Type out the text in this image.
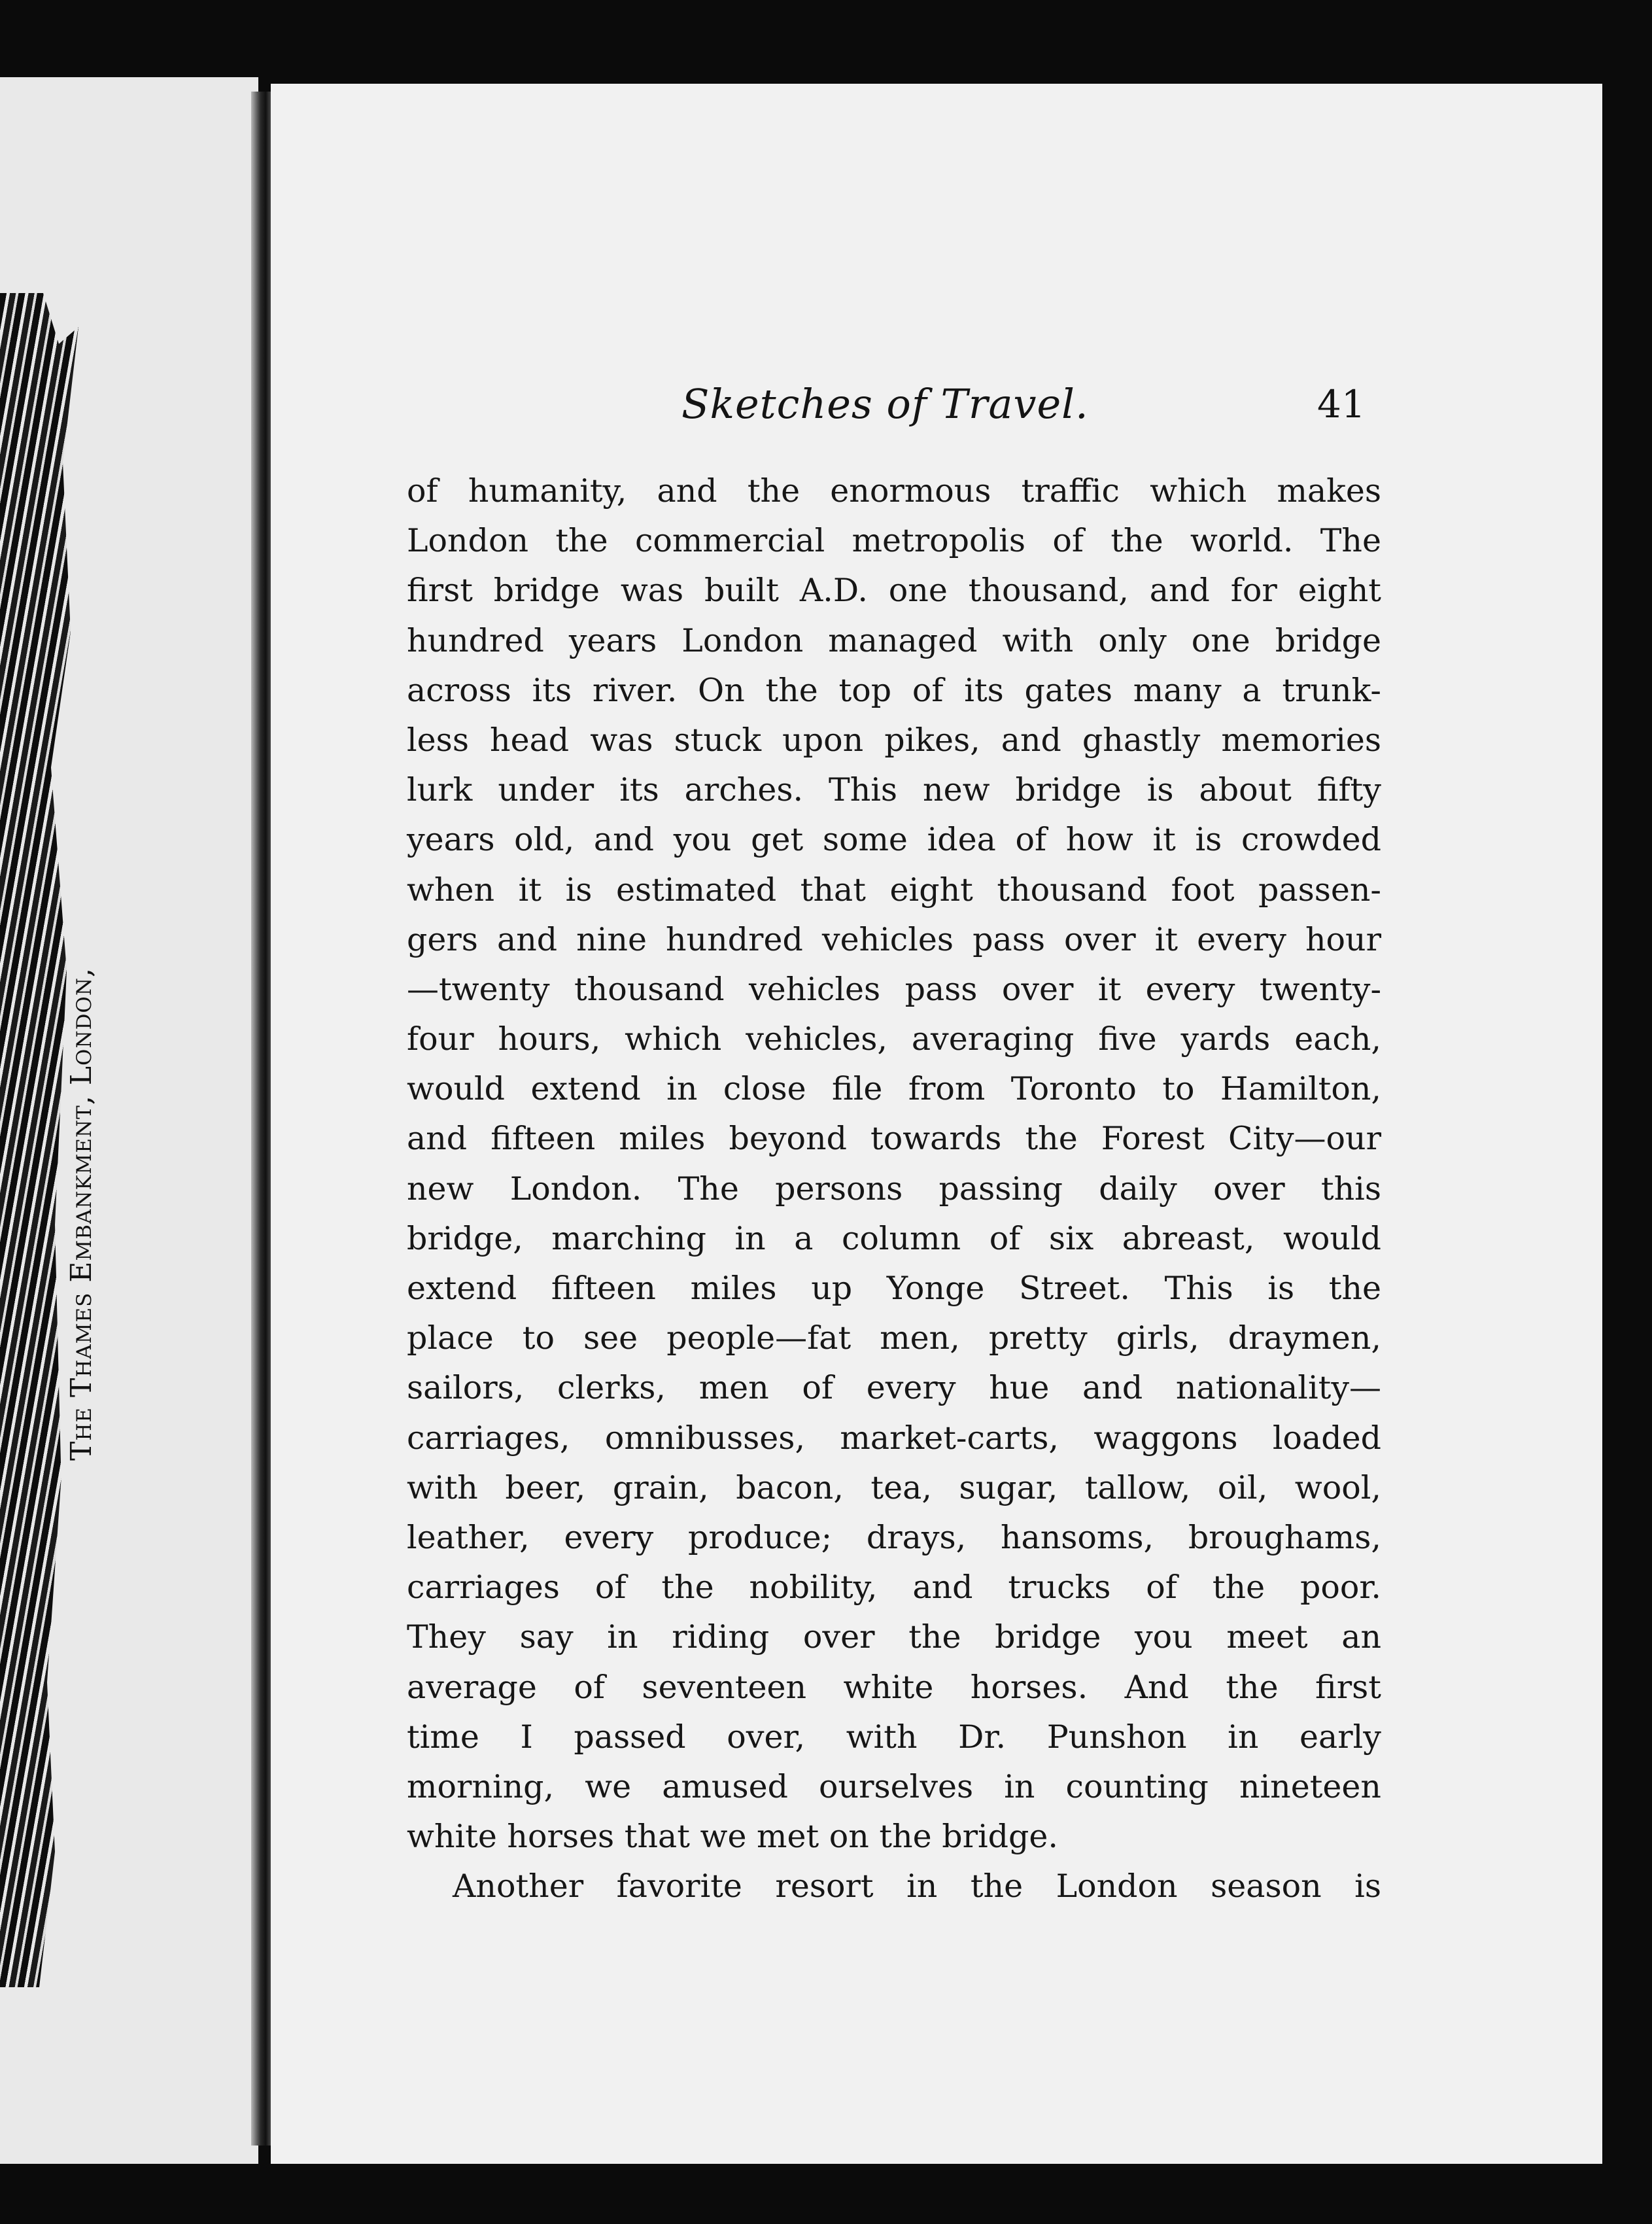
The Thames Embankment, London,
Sketches of Travel.	41
of humanity, and the enormous traffic which makes
London the commercial metropolis of the world. The
first bridge was built A.D. one thousand, and for eight
hundred years London managed with only one bridge
across its river. On the top of its gates many a trunk-
less head was stuck upon pikes, and ghastly memories
lurk under its arches. This new bridge is about fifty
years old, and you get some idea of how it is crowded
when it is estimated that eight thousand foot passen-
gers and nine hundred vehicles pass over it every hour
—twenty thousand vehicles pass over it every twenty-
four hours, which vehicles, averaging five yards each,
would extend in close file from Toronto to Hamilton,
and fifteen miles beyond towards the Forest City—our
new London. The persons passing daily over this
bridge, marching in a column of six abreast, would
extend fifteen miles up Yonge Street. This is the
place to see people—fat men, pretty girls, draymen,
sailors, clerks, men of every hue and nationality—
carriages, omnibusses, market-carts, waggons loaded
with beer, grain, bacon, tea, sugar, tallow, oil, wool,
leather, every produce; drays, hansoms, broughams,
carriages of the nobility, and trucks of the poor.
They say in riding over the bridge you meet an
average of seventeen white horses. And the first
time I passed over, with Dr. Punshon in early
morning, we amused ourselves in counting nineteen
white horses that we met on the bridge.
Another favorite resort in the London season is
